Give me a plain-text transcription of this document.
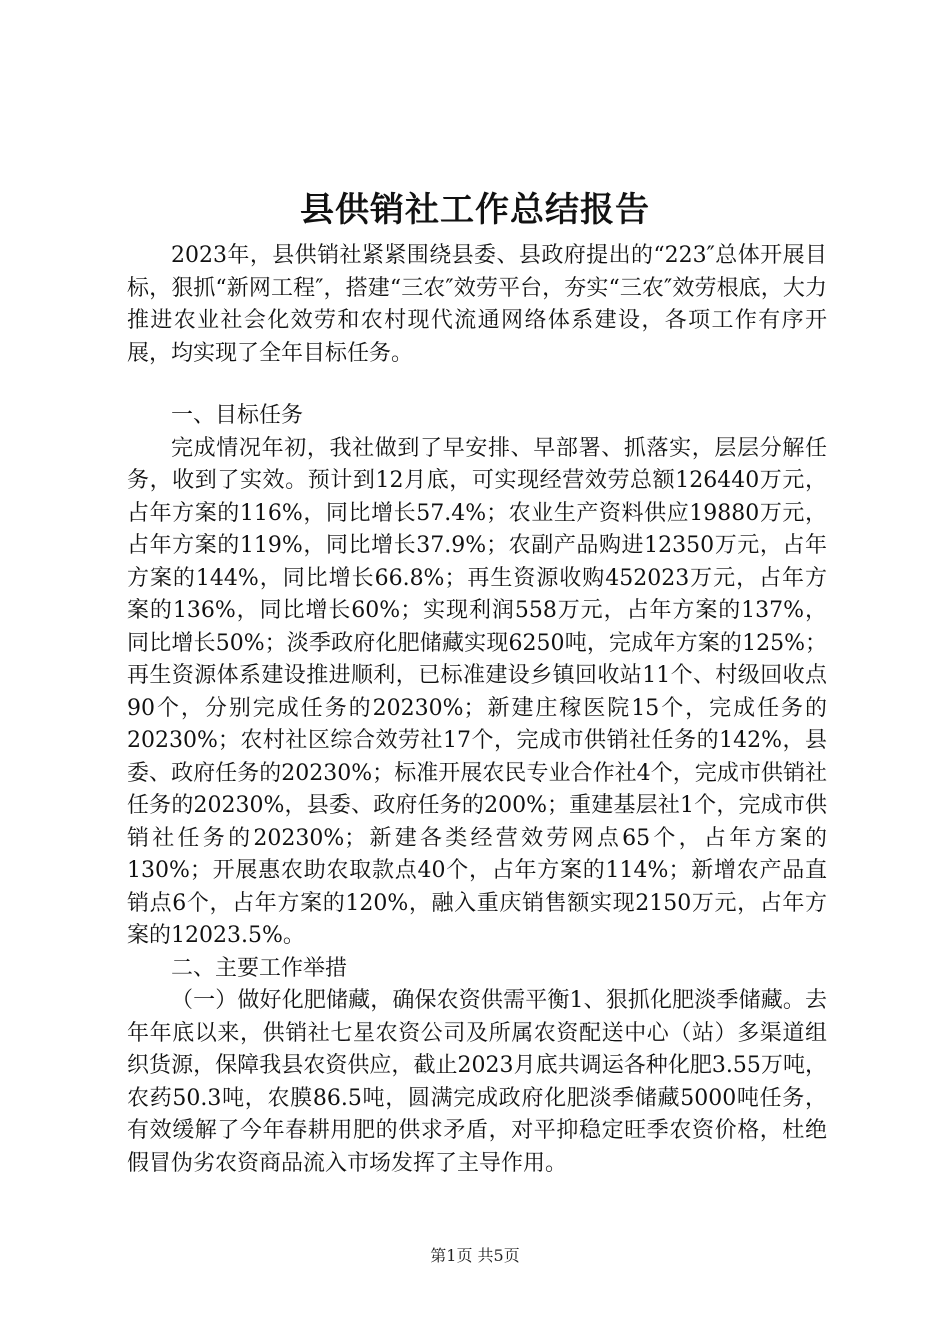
县供销社工作总结报告

2023年，县供销社紧紧围绕县委、县政府提出的“223″总体开展目标，狠抓“新网工程″，搭建“三农″效劳平台，夯实“三农″效劳根底，大力推进农业社会化效劳和农村现代流通网络体系建设，各项工作有序开展，均实现了全年目标任务。

一、目标任务

完成情况年初，我社做到了早安排、早部署、抓落实，层层分解任务，收到了实效。预计到12月底，可实现经营效劳总额126440万元，占年方案的116%，同比增长57.4%；农业生产资料供应19880万元，占年方案的119%，同比增长37.9%；农副产品购进12350万元，占年方案的144%，同比增长66.8%；再生资源收购452023万元，占年方案的136%，同比增长60%；实现利润558万元，占年方案的137%，同比增长50%；淡季政府化肥储藏实现6250吨，完成年方案的125%；再生资源体系建设推进顺利，已标准建设乡镇回收站11个、村级回收点90个，分别完成任务的20230%；新建庄稼医院15个，完成任务的20230%；农村社区综合效劳社17个，完成市供销社任务的142%，县委、政府任务的20230%；标准开展农民专业合作社4个，完成市供销社任务的20230%，县委、政府任务的200%；重建基层社1个，完成市供销社任务的20230%；新建各类经营效劳网点65个，占年方案的130%；开展惠农助农取款点40个，占年方案的114%；新增农产品直销点6个，占年方案的120%，融入重庆销售额实现2150万元，占年方案的12023.5%。

二、主要工作举措

（一）做好化肥储藏，确保农资供需平衡1、狠抓化肥淡季储藏。去年年底以来，供销社七星农资公司及所属农资配送中心（站）多渠道组织货源，保障我县农资供应，截止2023月底共调运各种化肥3.55万吨，农药50.3吨，农膜86.5吨，圆满完成政府化肥淡季储藏5000吨任务，有效缓解了今年春耕用肥的供求矛盾，对平抑稳定旺季农资价格，杜绝假冒伪劣农资商品流入市场发挥了主导作用。

第1页 共5页
